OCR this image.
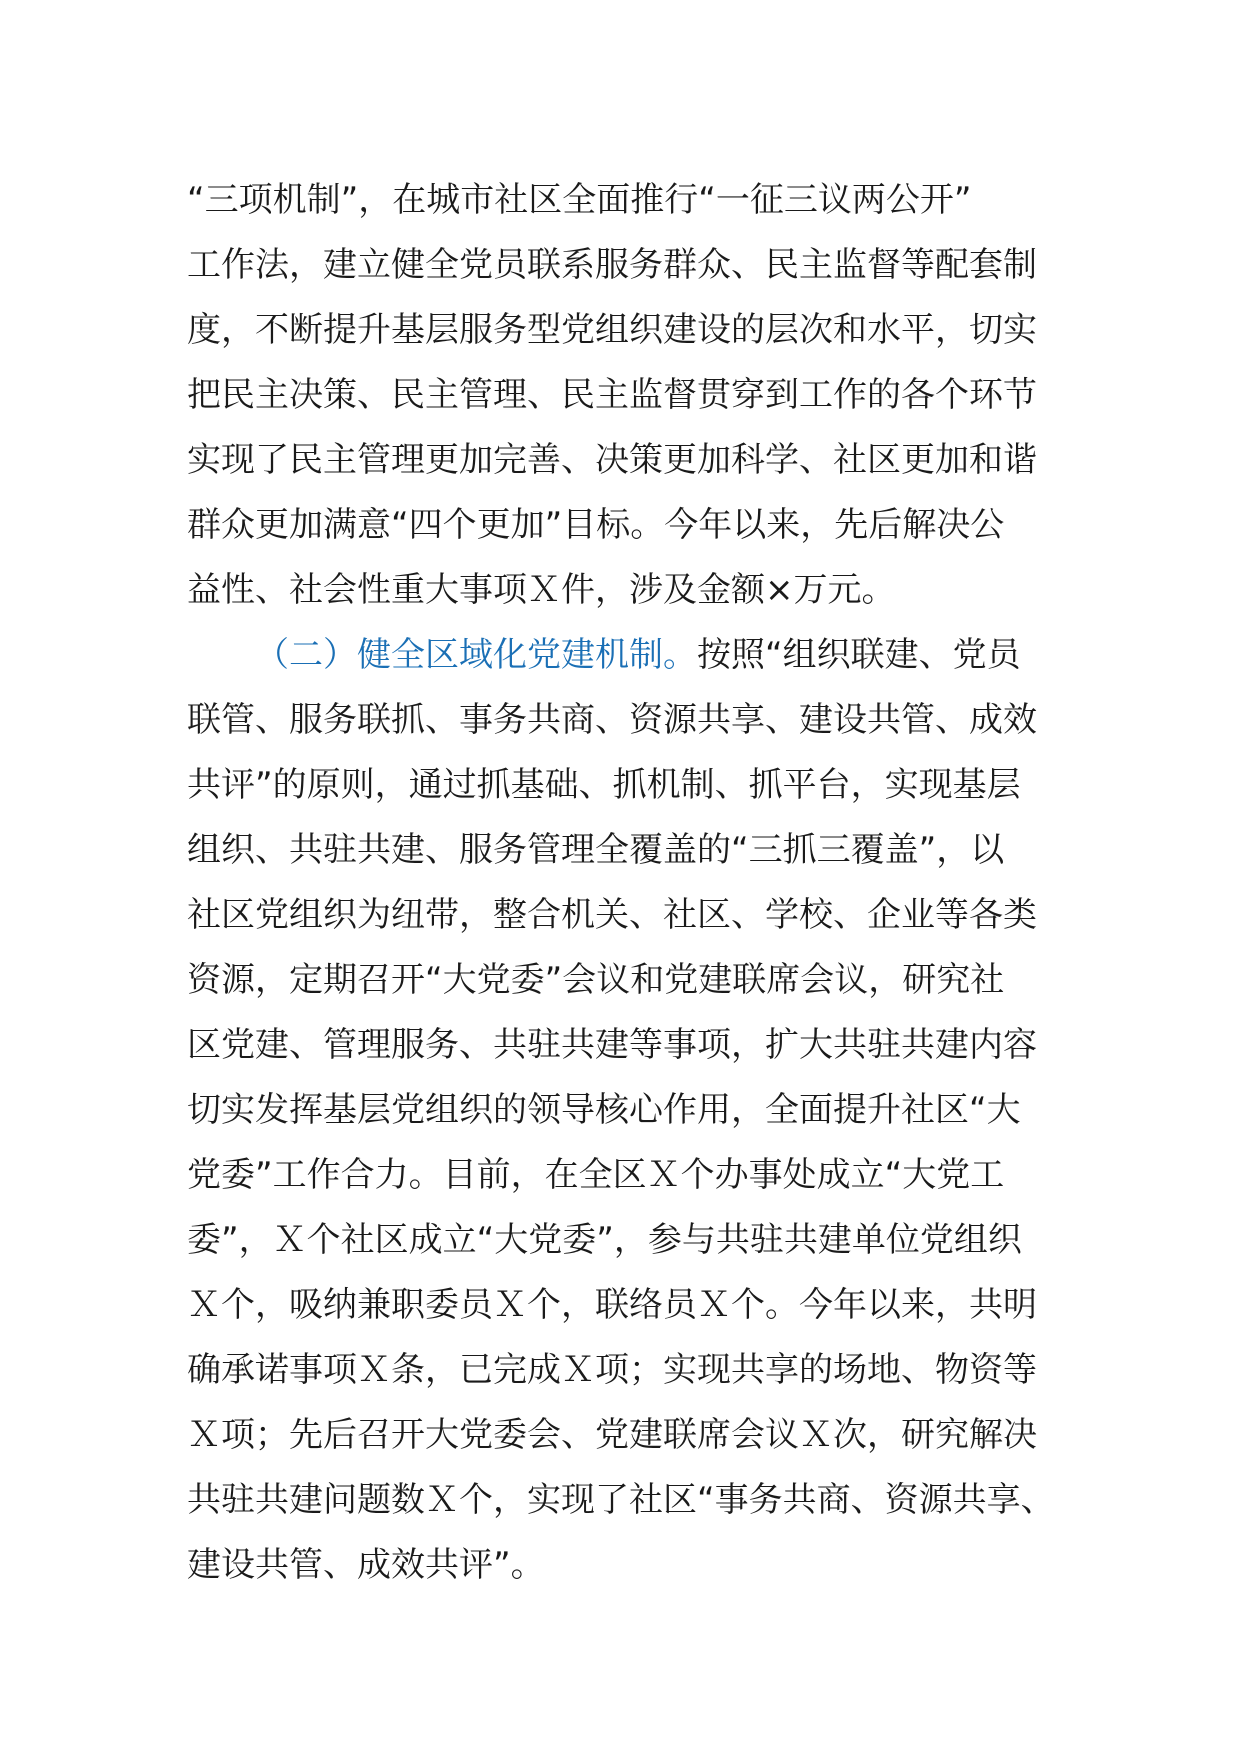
“三项机制”，在城市社区全面推行“一征三议两公开”
工作法，建立健全党员联系服务群众、民主监督等配套制
度，不断提升基层服务型党组织建设的层次和水平，切实
把民主决策、民主管理、民主监督贯穿到工作的各个环节
实现了民主管理更加完善、决策更加科学、社区更加和谐
群众更加满意“四个更加”目标。今年以来，先后解决公
益性、社会性重大事项Ｘ件，涉及金额×万元。
（二）健全区域化党建机制。按照“组织联建、党员
联管、服务联抓、事务共商、资源共享、建设共管、成效
共评”的原则，通过抓基础、抓机制、抓平台，实现基层
组织、共驻共建、服务管理全覆盖的“三抓三覆盖”，以
社区党组织为纽带，整合机关、社区、学校、企业等各类
资源，定期召开“大党委”会议和党建联席会议，研究社
区党建、管理服务、共驻共建等事项，扩大共驻共建内容
切实发挥基层党组织的领导核心作用，全面提升社区“大
党委”工作合力。目前，在全区Ｘ个办事处成立“大党工
委”，Ｘ个社区成立“大党委”，参与共驻共建单位党组织
Ｘ个，吸纳兼职委员Ｘ个，联络员Ｘ个。今年以来，共明
确承诺事项Ｘ条，已完成Ｘ项；实现共享的场地、物资等
Ｘ项；先后召开大党委会、党建联席会议Ｘ次，研究解决
共驻共建问题数Ｘ个，实现了社区“事务共商、资源共享、
建设共管、成效共评”。
